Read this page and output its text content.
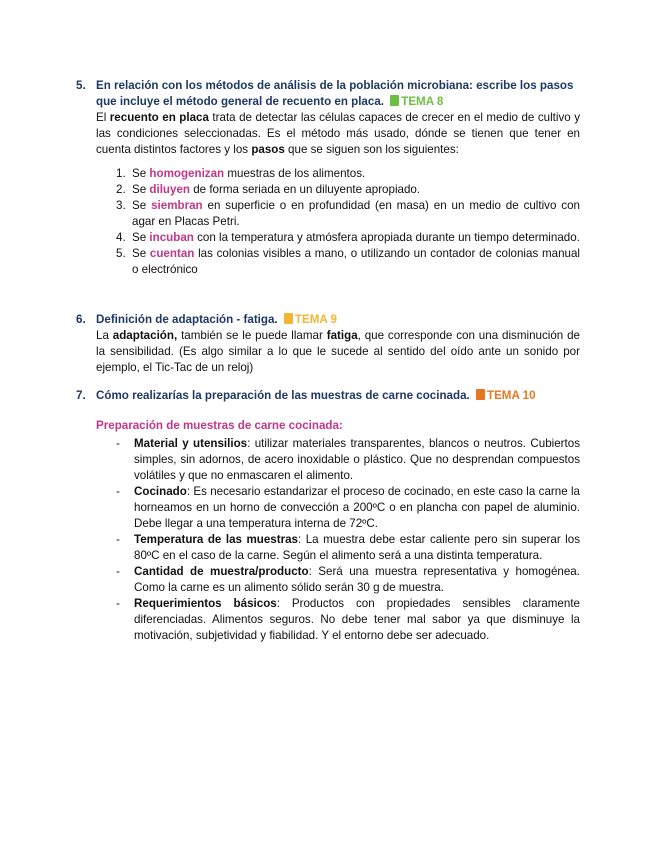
5. En relación con los métodos de análisis de la población microbiana: escribe los pasos que incluye el método general de recuento en placa. TEMA 8

El recuento en placa trata de detectar las células capaces de crecer en el medio de cultivo y las condiciones seleccionadas. Es el método más usado, dónde se tienen que tener en cuenta distintos factores y los pasos que se siguen son los siguientes:

1. Se homogenizan muestras de los alimentos.
2. Se diluyen de forma seriada en un diluyente apropiado.
3. Se siembran en superficie o en profundidad (en masa) en un medio de cultivo con agar en Placas Petri.
4. Se incuban con la temperatura y atmósfera apropiada durante un tiempo determinado.
5. Se cuentan las colonias visibles a mano, o utilizando un contador de colonias manual o electrónico
6. Definición de adaptación - fatiga. TEMA 9

La adaptación, también se le puede llamar fatiga, que corresponde con una disminución de la sensibilidad. (Es algo similar a lo que le sucede al sentido del oído ante un sonido por ejemplo, el Tic-Tac de un reloj)

7. Cómo realizarías la preparación de las muestras de carne cocinada. TEMA 10
Preparación de muestras de carne cocinada:
- Material y utensilios: utilizar materiales transparentes, blancos o neutros. Cubiertos simples, sin adornos, de acero inoxidable o plástico. Que no desprendan compuestos volátiles y que no enmascaren el alimento.
- Cocinado: Es necesario estandarizar el proceso de cocinado, en este caso la carne la horneamos en un horno de convección a 200ºC o en plancha con papel de aluminio. Debe llegar a una temperatura interna de 72ºC.
- Temperatura de las muestras: La muestra debe estar caliente pero sin superar los 80ºC en el caso de la carne. Según el alimento será a una distinta temperatura.
- Cantidad de muestra/producto: Será una muestra representativa y homogénea. Como la carne es un alimento sólido serán 30 g de muestra.
- Requerimientos básicos: Productos con propiedades sensibles claramente diferenciadas. Alimentos seguros. No debe tener mal sabor ya que disminuye la motivación, subjetividad y fiabilidad. Y el entorno debe ser adecuado.
